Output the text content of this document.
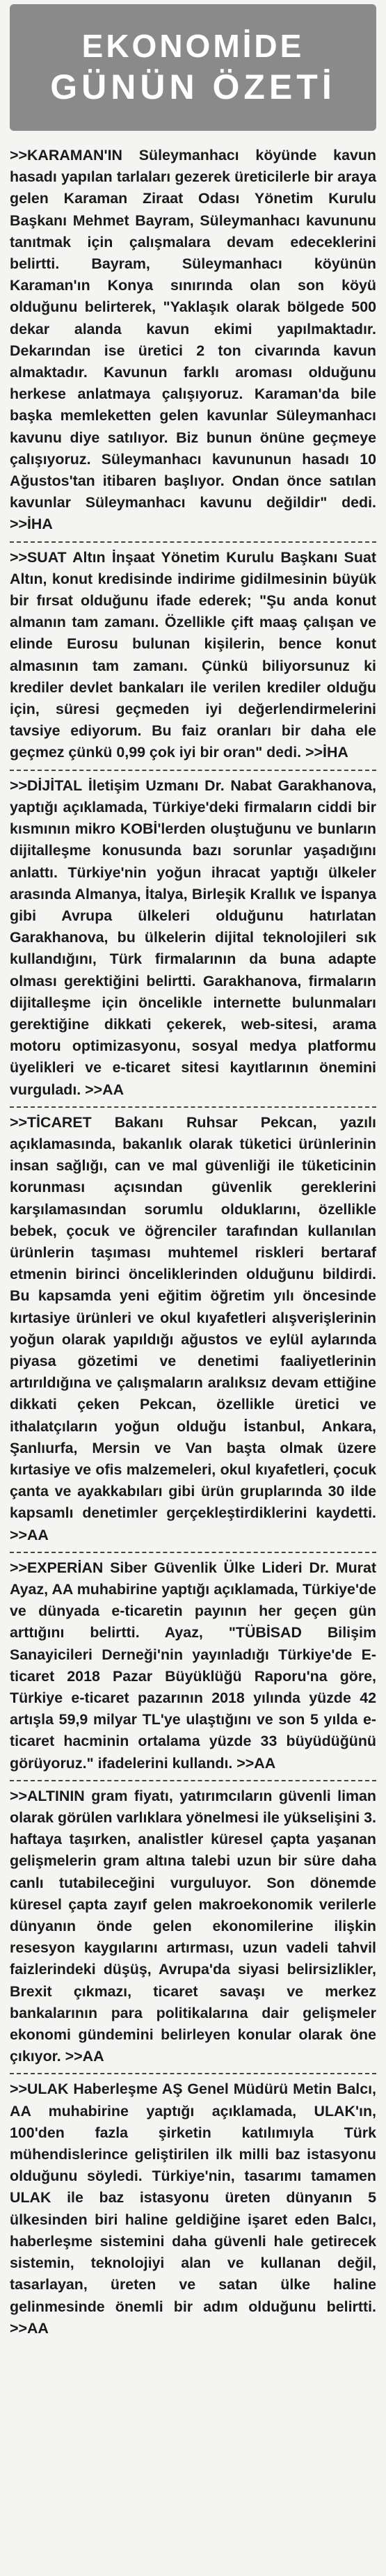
EKONOMİDE
GÜNÜN ÖZETİ
>>KARAMAN'IN Süleymanhacı köyünde kavun hasadı yapılan tarlaları gezerek üreticilerle bir araya gelen Karaman Ziraat Odası Yönetim Kurulu Başkanı Mehmet Bayram, Süleymanhacı kavununu tanıtmak için çalışmalara devam edeceklerini belirtti. Bayram, Süleymanhacı köyünün Karaman'ın Konya sınırında olan son köyü olduğunu belirterek, "Yaklaşık olarak bölgede 500 dekar alanda kavun ekimi yapılmaktadır. Dekarından ise üretici 2 ton civarında kavun almaktadır. Kavunun farklı aroması olduğunu herkese anlatmaya çalışıyoruz. Karaman'da bile başka memleketten gelen kavunlar Süleymanhacı kavunu diye satılıyor. Biz bunun önüne geçmeye çalışıyoruz. Süleymanhacı kavununun hasadı 10 Ağustos'tan itibaren başlıyor. Ondan önce satılan kavunlar Süleymanhacı kavunu değildir" dedi. >>İHA
>>SUAT Altın İnşaat Yönetim Kurulu Başkanı Suat Altın, konut kredisinde indirime gidilmesinin büyük bir fırsat olduğunu ifade ederek; "Şu anda konut almanın tam zamanı. Özellikle çift maaş çalışan ve elinde Eurosu bulunan kişilerin, bence konut almasının tam zamanı. Çünkü biliyorsunuz ki krediler devlet bankaları ile verilen krediler olduğu için, süresi geçmeden iyi değerlendirmelerini tavsiye ediyorum. Bu faiz oranları bir daha ele geçmez çünkü 0,99 çok iyi bir oran" dedi. >>İHA
>>DİJİTAL İletişim Uzmanı Dr. Nabat Garakhanova, yaptığı açıklamada, Türkiye'deki firmaların ciddi bir kısmının mikro KOBİ'lerden oluştuğunu ve bunların dijitalleşme konusunda bazı sorunlar yaşadığını anlattı. Türkiye'nin yoğun ihracat yaptığı ülkeler arasında Almanya, İtalya, Birleşik Krallık ve İspanya gibi Avrupa ülkeleri olduğunu hatırlatan Garakhanova, bu ülkelerin dijital teknolojileri sık kullandığını, Türk firmalarının da buna adapte olması gerektiğini belirtti. Garakhanova, firmaların dijitalleşme için öncelikle internette bulunmaları gerektiğine dikkati çekerek, web-sitesi, arama motoru optimizasyonu, sosyal medya platformu üyelikleri ve e-ticaret sitesi kayıtlarının önemini vurguladı. >>AA
>>TİCARET Bakanı Ruhsar Pekcan, yazılı açıklamasında, bakanlık olarak tüketici ürünlerinin insan sağlığı, can ve mal güvenliği ile tüketicinin korunması açısından güvenlik gereklerini karşılamasından sorumlu olduklarını, özellikle bebek, çocuk ve öğrenciler tarafından kullanılan ürünlerin taşıması muhtemel riskleri bertaraf etmenin birinci önceliklerinden olduğunu bildirdi. Bu kapsamda yeni eğitim öğretim yılı öncesinde kırtasiye ürünleri ve okul kıyafetleri alışverişlerinin yoğun olarak yapıldığı ağustos ve eylül aylarında piyasa gözetimi ve denetimi faaliyetlerinin artırıldığına ve çalışmaların aralıksız devam ettiğine dikkati çeken Pekcan, özellikle üretici ve ithalatçıların yoğun olduğu İstanbul, Ankara, Şanlıurfa, Mersin ve Van başta olmak üzere kırtasiye ve ofis malzemeleri, okul kıyafetleri, çocuk çanta ve ayakkabıları gibi ürün gruplarında 30 ilde kapsamlı denetimler gerçekleştirdiklerini kaydetti. >>AA
>>EXPERİAN Siber Güvenlik Ülke Lideri Dr. Murat Ayaz, AA muhabirine yaptığı açıklamada, Türkiye'de ve dünyada e-ticaretin payının her geçen gün arttığını belirtti. Ayaz, "TÜBİSAD Bilişim Sanayicileri Derneği'nin yayınladığı Türkiye'de E-ticaret 2018 Pazar Büyüklüğü Raporu'na göre, Türkiye e-ticaret pazarının 2018 yılında yüzde 42 artışla 59,9 milyar TL'ye ulaştığını ve son 5 yılda e-ticaret hacminin ortalama yüzde 33 büyüdüğünü görüyoruz." ifadelerini kullandı. >>AA
>>ALTININ gram fiyatı, yatırımcıların güvenli liman olarak görülen varlıklara yönelmesi ile yükselişini 3. haftaya taşırken, analistler küresel çapta yaşanan gelişmelerin gram altına talebi uzun bir süre daha canlı tutabileceğini vurguluyor. Son dönemde küresel çapta zayıf gelen makroekonomik verilerle dünyanın önde gelen ekonomilerine ilişkin resesyon kaygılarını artırması, uzun vadeli tahvil faizlerindeki düşüş, Avrupa'da siyasi belirsizlikler, Brexit çıkmazı, ticaret savaşı ve merkez bankalarının para politikalarına dair gelişmeler ekonomi gündemini belirleyen konular olarak öne çıkıyor. >>AA
>>ULAK Haberleşme AŞ Genel Müdürü Metin Balcı, AA muhabirine yaptığı açıklamada, ULAK'ın, 100'den fazla şirketin katılımıyla Türk mühendislerince geliştirilen ilk milli baz istasyonu olduğunu söyledi. Türkiye'nin, tasarımı tamamen ULAK ile baz istasyonu üreten dünyanın 5 ülkesinden biri haline geldiğine işaret eden Balcı, haberleşme sistemini daha güvenli hale getirecek sistemin, teknolojiyi alan ve kullanan değil, tasarlayan, üreten ve satan ülke haline gelinmesinde önemli bir adım olduğunu belirtti. >>AA
